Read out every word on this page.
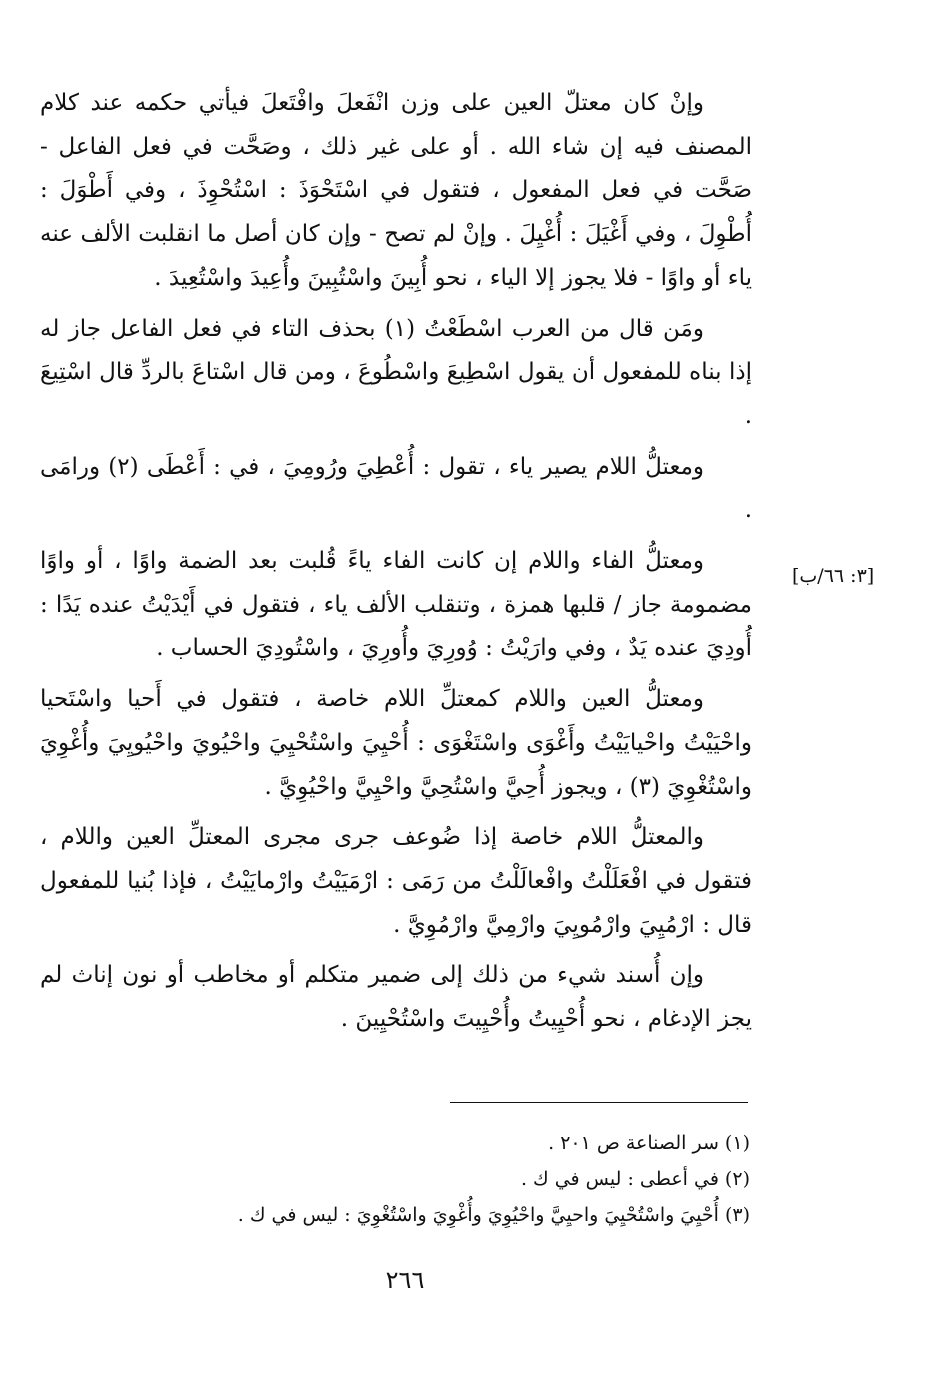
وإنْ كان معتلّ العين على وزن انْفَعلَ وافْتَعلَ فيأتي حكمه عند كلام المصنف فيه إن شاء الله . أو على غير ذلك ، وصَحَّت في فعل الفاعل - صَحَّت في فعل المفعول ، فتقول في اسْتَحْوَذَ : اسْتُحْوِذَ ، وفي أَطْوَلَ : أُطْوِلَ ، وفي أَغْيَلَ : أُغْيِلَ . وإنْ لم تصح - وإن كان أصل ما انقلبت الألف عنه ياء أو واوًا - فلا يجوز إلا الياء ، نحو أُبِينَ واسْتُبِينَ وأُعِيدَ واسْتُعِيدَ .

ومَن قال من العرب اسْطَعْتُ (١) بحذف التاء في فعل الفاعل جاز له إذا بناه للمفعول أن يقول اسْطِيعَ واسْطُوعَ ، ومن قال اسْتاعَ بالردِّ قال اسْتِيعَ .

ومعتلُّ اللام يصير ياء ، تقول : أُعْطِيَ ورُومِيَ ، في : أَعْطَى (٢) ورامَى .

ومعتلُّ الفاء واللام إن كانت الفاء ياءً قُلبت بعد الضمة واوًا ، أو واوًا مضمومة جاز / قلبها همزة ، وتنقلب الألف ياء ، فتقول في أَيْدَيْتُ عنده يَدًا : أُودِيَ عنده يَدٌ ، وفي وارَيْتُ : وُورِيَ وأُورِيَ ، واسْتُودِيَ الحساب .

ومعتلُّ العين واللام كمعتلِّ اللام خاصة ، فتقول في أَحيا واسْتَحيا واحْيَيْتُ واحْيايَيْتُ وأَغْوَى واسْتَغْوَى : أُحْيِيَ واسْتُحْيِيَ واحْيُويَ واحْيُويِيَ وأُغْوِيَ واسْتُغْوِيَ (٣) ، ويجوز أُحِيَّ واسْتُحِيَّ واحْيِيَّ واحْيُوِيَّ .

والمعتلُّ اللام خاصة إذا ضُوعف جرى مجرى المعتلِّ العين واللام ، فتقول في افْعَلَلْتُ وافْعالَلْتُ من رَمَى : ارْمَيَيْتُ وارْمايَيْتُ ، فإذا بُنيا للمفعول قال : ارْمُيِيَ وارْمُويِيَ وارْمِيَّ وارْمُوِيَّ .

وإن أُسند شيء من ذلك إلى ضمير متكلم أو مخاطب أو نون إناث لم يجز الإدغام ، نحو أُحْيِيتُ وأُحْيِيتَ واسْتُحْيِينَ .

[٣: ٦٦/ب]

(١) سر الصناعة ص ٢٠١ .

(٢) في أعطى : ليس في ك .

(٣) أُحْيِيَ واسْتُحْيِيَ واحيِيَّ واحْيُوِيَ وأُغْوِيَ واسْتُغْوِيَ : ليس في ك .

٢٦٦
